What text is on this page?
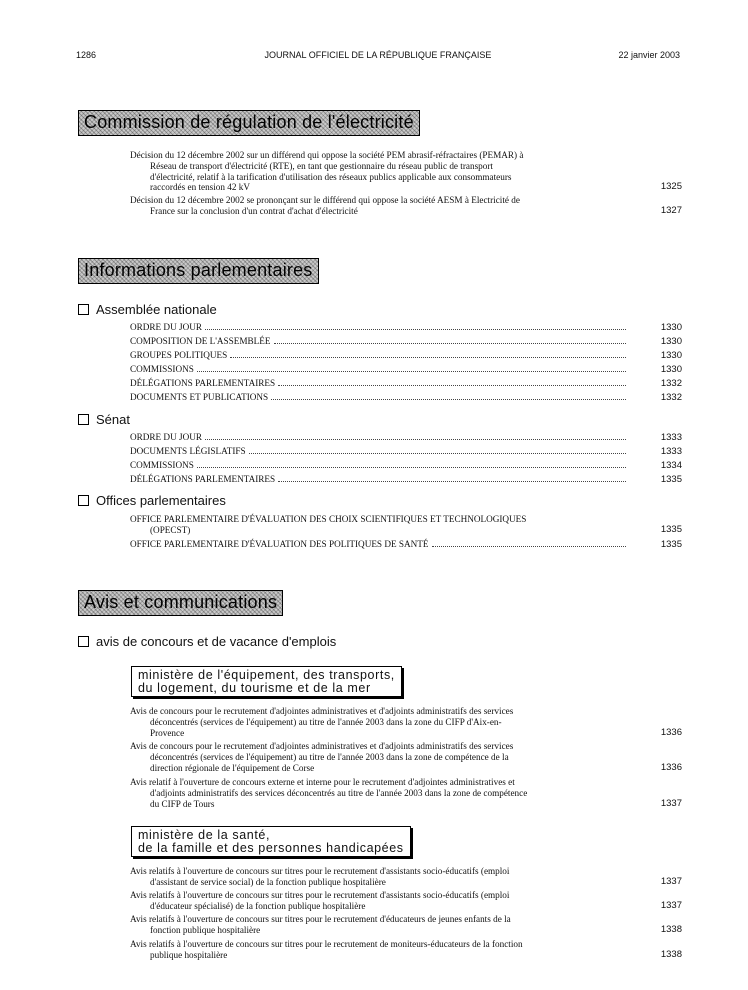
1286	JOURNAL OFFICIEL DE LA RÉPUBLIQUE FRANÇAISE	22 janvier 2003
Commission de régulation de l'électricité
Décision du 12 décembre 2002 sur un différend qui oppose la société PEM abrasif-réfractaires (PEMAR) à
Réseau de transport d'électricité (RTE), en tant que gestionnaire du réseau public de transport
d'électricité, relatif à la tarification d'utilisation des réseaux publics applicable aux consommateurs
raccordés en tension 42 kV	1325
Décision du 12 décembre 2002 se prononçant sur le différend qui oppose la société AESM à Electricité de
France sur la conclusion d'un contrat d'achat d'électricité	1327
Informations parlementaires
Assemblée nationale
ORDRE DU JOUR	1330
COMPOSITION DE L'ASSEMBLÉE	1330
GROUPES POLITIQUES	1330
COMMISSIONS	1330
DÉLÉGATIONS PARLEMENTAIRES	1332
DOCUMENTS ET PUBLICATIONS	1332
Sénat
ORDRE DU JOUR	1333
DOCUMENTS LÉGISLATIFS	1333
COMMISSIONS	1334
DÉLÉGATIONS PARLEMENTAIRES	1335
Offices parlementaires
OFFICE PARLEMENTAIRE D'ÉVALUATION DES CHOIX SCIENTIFIQUES ET TECHNOLOGIQUES
(OPECST)	1335
OFFICE PARLEMENTAIRE D'ÉVALUATION DES POLITIQUES DE SANTÉ	1335
Avis et communications
avis de concours et de vacance d'emplois
ministère de l'équipement, des transports,
du logement, du tourisme et de la mer
Avis de concours pour le recrutement d'adjointes administratives et d'adjoints administratifs des services
déconcentrés (services de l'équipement) au titre de l'année 2003 dans la zone du CIFP d'Aix-en-
Provence	1336
Avis de concours pour le recrutement d'adjointes administratives et d'adjoints administratifs des services
déconcentrés (services de l'équipement) au titre de l'année 2003 dans la zone de compétence de la
direction régionale de l'équipement de Corse	1336
Avis relatif à l'ouverture de concours externe et interne pour le recrutement d'adjointes administratives et
d'adjoints administratifs des services déconcentrés au titre de l'année 2003 dans la zone de compétence
du CIFP de Tours	1337
ministère de la santé,
de la famille et des personnes handicapées
Avis relatifs à l'ouverture de concours sur titres pour le recrutement d'assistants socio-éducatifs (emploi
d'assistant de service social) de la fonction publique hospitalière	1337
Avis relatifs à l'ouverture de concours sur titres pour le recrutement d'assistants socio-éducatifs (emploi
d'éducateur spécialisé) de la fonction publique hospitalière	1337
Avis relatifs à l'ouverture de concours sur titres pour le recrutement d'éducateurs de jeunes enfants de la
fonction publique hospitalière	1338
Avis relatifs à l'ouverture de concours sur titres pour le recrutement de moniteurs-éducateurs de la fonction
publique hospitalière	1338
